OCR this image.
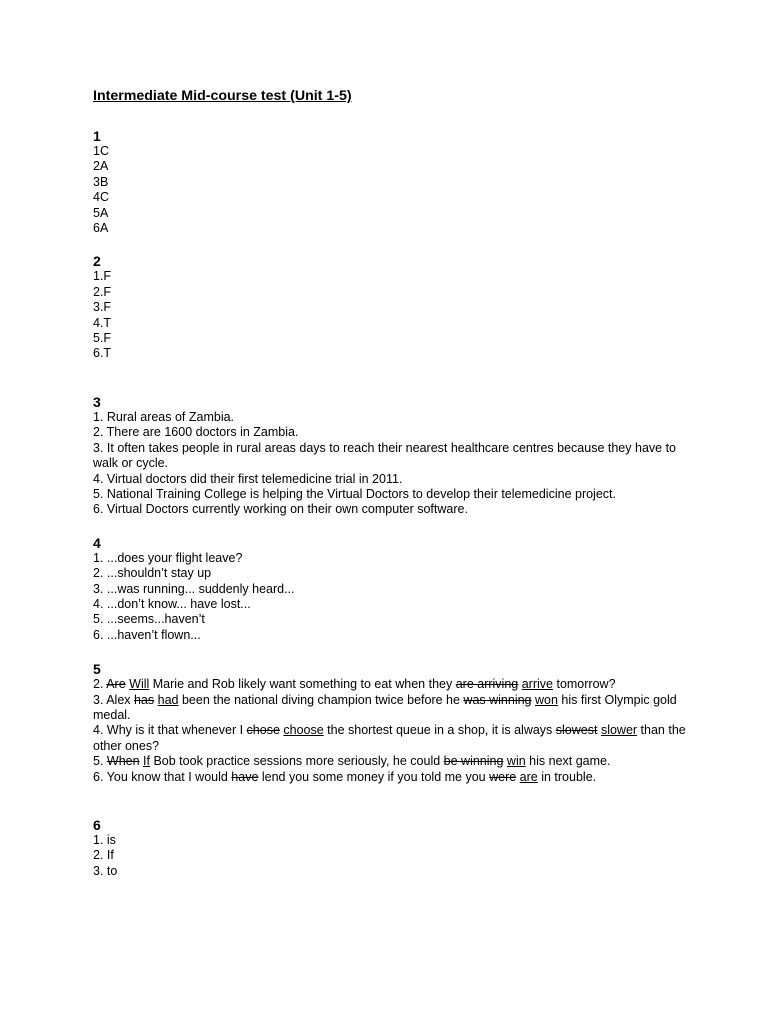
Intermediate Mid-course test (Unit 1-5)
1
1C
2A
3B
4C
5A
6A
2
1.F
2.F
3.F
4.T
5.F
6.T
3
1. Rural areas of Zambia.
2. There are 1600 doctors in Zambia.
3. It often takes people in rural areas days to reach their nearest healthcare centres because they have to walk or cycle.
4. Virtual doctors did their first telemedicine trial in 2011.
5. National Training College is helping the Virtual Doctors to develop their telemedicine project.
6. Virtual Doctors currently working on their own computer software.
4
1. ...does your flight leave?
2. ...shouldn’t stay up
3. ...was running... suddenly heard...
4. ...don’t know... have lost...
5. ...seems...haven’t
6. ...haven’t flown...
5
2. Are Will Marie and Rob likely want something to eat when they are arriving arrive tomorrow?
3. Alex has had been the national diving champion twice before he was winning won his first Olympic gold medal.
4. Why is it that whenever I chose choose the shortest queue in a shop, it is always slowest slower than the other ones?
5. When If Bob took practice sessions more seriously, he could be winning win his next game.
6. You know that I would have lend you some money if you told me you were are in trouble.
6
1. is
2. If
3. to
